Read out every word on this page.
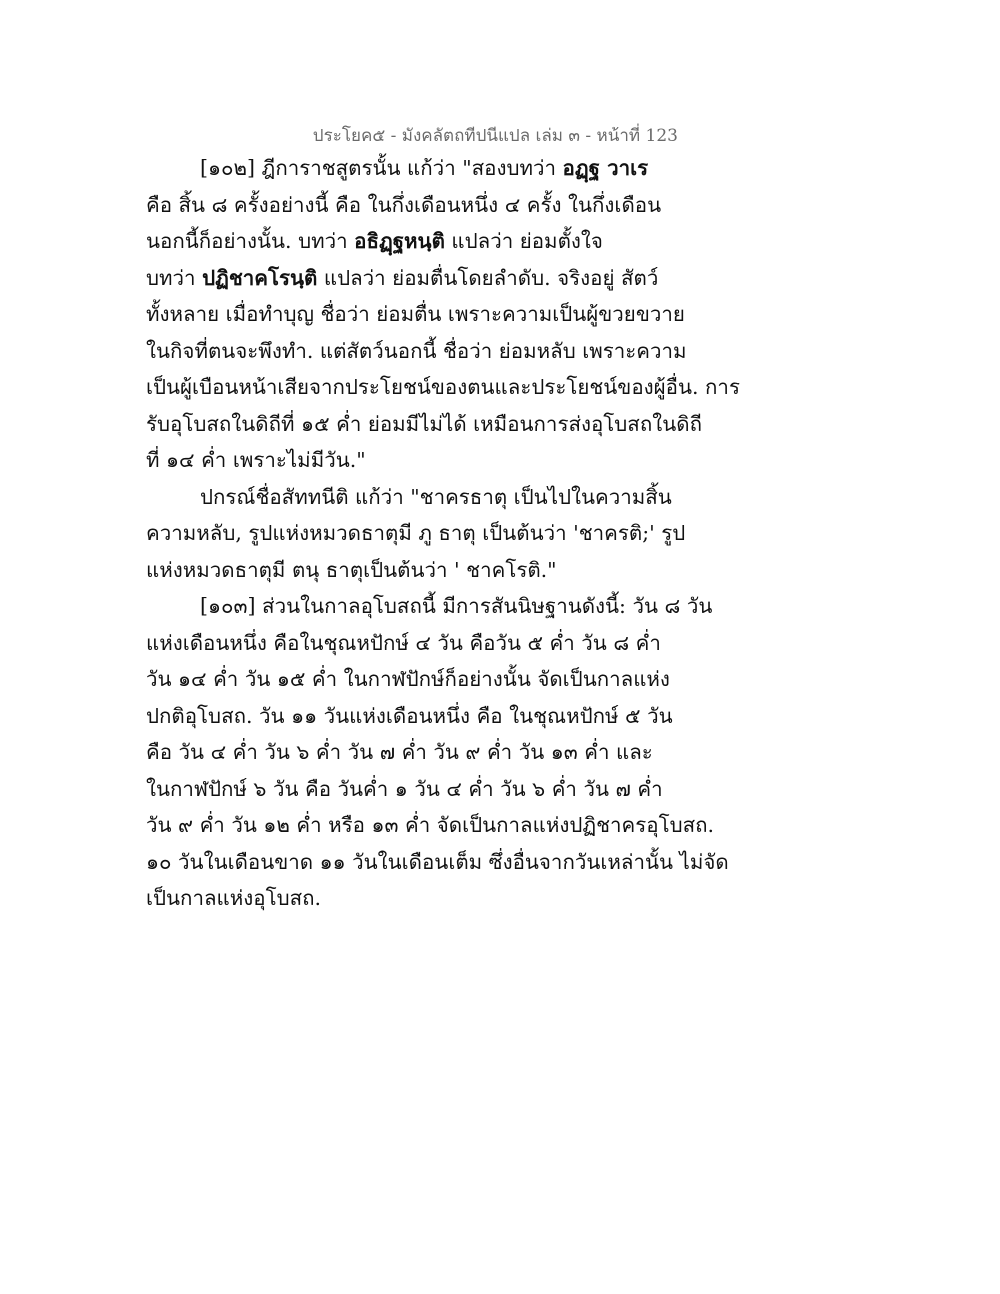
ประโยค๕ - มังคลัตถทีปนีแปล เล่ม ๓ - หน้าที่ 123
[๑๐๒] ฎีการาชสูตรนั้น แก้ว่า "สองบทว่า อฏฺฐ วาเร
คือ สิ้น ๘ ครั้งอย่างนี้ คือ ในกึ่งเดือนหนึ่ง ๔ ครั้ง ในกึ่งเดือน
นอกนี้ก็อย่างนั้น. บทว่า อธิฏฺฐหนฺติ แปลว่า ย่อมตั้งใจ
บทว่า ปฏิชาคโรนฺติ แปลว่า ย่อมตื่นโดยลำดับ. จริงอยู่ สัตว์
ทั้งหลาย เมื่อทำบุญ ชื่อว่า ย่อมตื่น เพราะความเป็นผู้ขวยขวาย
ในกิจที่ตนจะพึงทำ. แต่สัตว์นอกนี้ ชื่อว่า ย่อมหลับ เพราะความ
เป็นผู้เบือนหน้าเสียจากประโยชน์ของตนและประโยชน์ของผู้อื่น. การ
รับอุโบสถในดิถีที่ ๑๕ ค่ำ ย่อมมีไม่ได้ เหมือนการส่งอุโบสถในดิถี
ที่ ๑๔ ค่ำ เพราะไม่มีวัน."
ปกรณ์ชื่อสัททนีติ แก้ว่า "ชาครธาตุ เป็นไปในความสิ้น
ความหลับ, รูปแห่งหมวดธาตุมี ภู ธาตุ เป็นต้นว่า 'ชาครติ;' รูป
แห่งหมวดธาตุมี ตนุ ธาตุเป็นต้นว่า ' ชาคโรติ."
[๑๐๓] ส่วนในกาลอุโบสถนี้ มีการสันนิษฐานดังนี้: วัน ๘ วัน
แห่งเดือนหนึ่ง คือในชุณหปักษ์ ๔ วัน คือวัน ๕ ค่ำ วัน ๘ ค่ำ
วัน ๑๔ ค่ำ วัน ๑๕ ค่ำ ในกาฬปักษ์ก็อย่างนั้น จัดเป็นกาลแห่ง
ปกติอุโบสถ. วัน ๑๑ วันแห่งเดือนหนึ่ง คือ ในชุณหปักษ์ ๕ วัน
คือ วัน ๔ ค่ำ วัน ๖ ค่ำ วัน ๗ ค่ำ วัน ๙ ค่ำ วัน ๑๓ ค่ำ และ
ในกาฬปักษ์ ๖ วัน คือ วันค่ำ ๑ วัน ๔ ค่ำ วัน ๖ ค่ำ วัน ๗ ค่ำ
วัน ๙ ค่ำ วัน ๑๒ ค่ำ หรือ ๑๓ ค่ำ จัดเป็นกาลแห่งปฏิชาครอุโบสถ.
๑๐ วันในเดือนขาด ๑๑ วันในเดือนเต็ม ซึ่งอื่นจากวันเหล่านั้น ไม่จัด
เป็นกาลแห่งอุโบสถ.
